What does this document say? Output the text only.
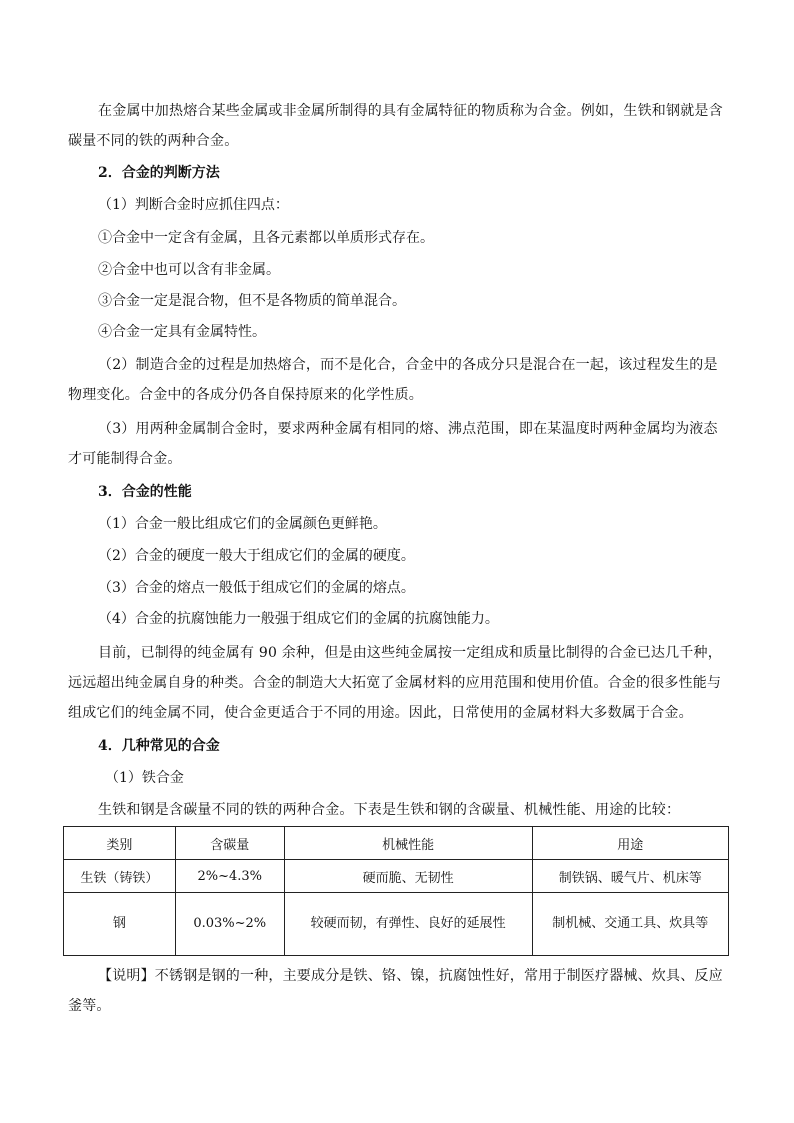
在金属中加热熔合某些金属或非金属所制得的具有金属特征的物质称为合金。例如，生铁和钢就是含碳量不同的铁的两种合金。

2．合金的判断方法
（1）判断合金时应抓住四点：
①合金中一定含有金属，且各元素都以单质形式存在。
②合金中也可以含有非金属。
③合金一定是混合物，但不是各物质的简单混合。
④合金一定具有金属特性。

（2）制造合金的过程是加热熔合，而不是化合，合金中的各成分只是混合在一起，该过程发生的是物理变化。合金中的各成分仍各自保持原来的化学性质。

（3）用两种金属制合金时，要求两种金属有相同的熔、沸点范围，即在某温度时两种金属均为液态才可能制得合金。

3．合金的性能
（1）合金一般比组成它们的金属颜色更鲜艳。
（2）合金的硬度一般大于组成它们的金属的硬度。
（3）合金的熔点一般低于组成它们的金属的熔点。
（4）合金的抗腐蚀能力一般强于组成它们的金属的抗腐蚀能力。

目前，已制得的纯金属有 90 余种，但是由这些纯金属按一定组成和质量比制得的合金已达几千种，远远超出纯金属自身的种类。合金的制造大大拓宽了金属材料的应用范围和使用价值。合金的很多性能与组成它们的纯金属不同，使合金更适合于不同的用途。因此，日常使用的金属材料大多数属于合金。

4．几种常见的合金
（1）铁合金

生铁和钢是含碳量不同的铁的两种合金。下表是生铁和钢的含碳量、机械性能、用途的比较：

类别	含碳量	机械性能	用途
生铁（铸铁）	2%~4.3%	硬而脆、无韧性	制铁锅、暖气片、机床等
钢	0.03%~2%	较硬而韧，有弹性、良好的延展性	制机械、交通工具、炊具等

【说明】不锈钢是钢的一种，主要成分是铁、铬、镍，抗腐蚀性好，常用于制医疗器械、炊具、反应釜等。
